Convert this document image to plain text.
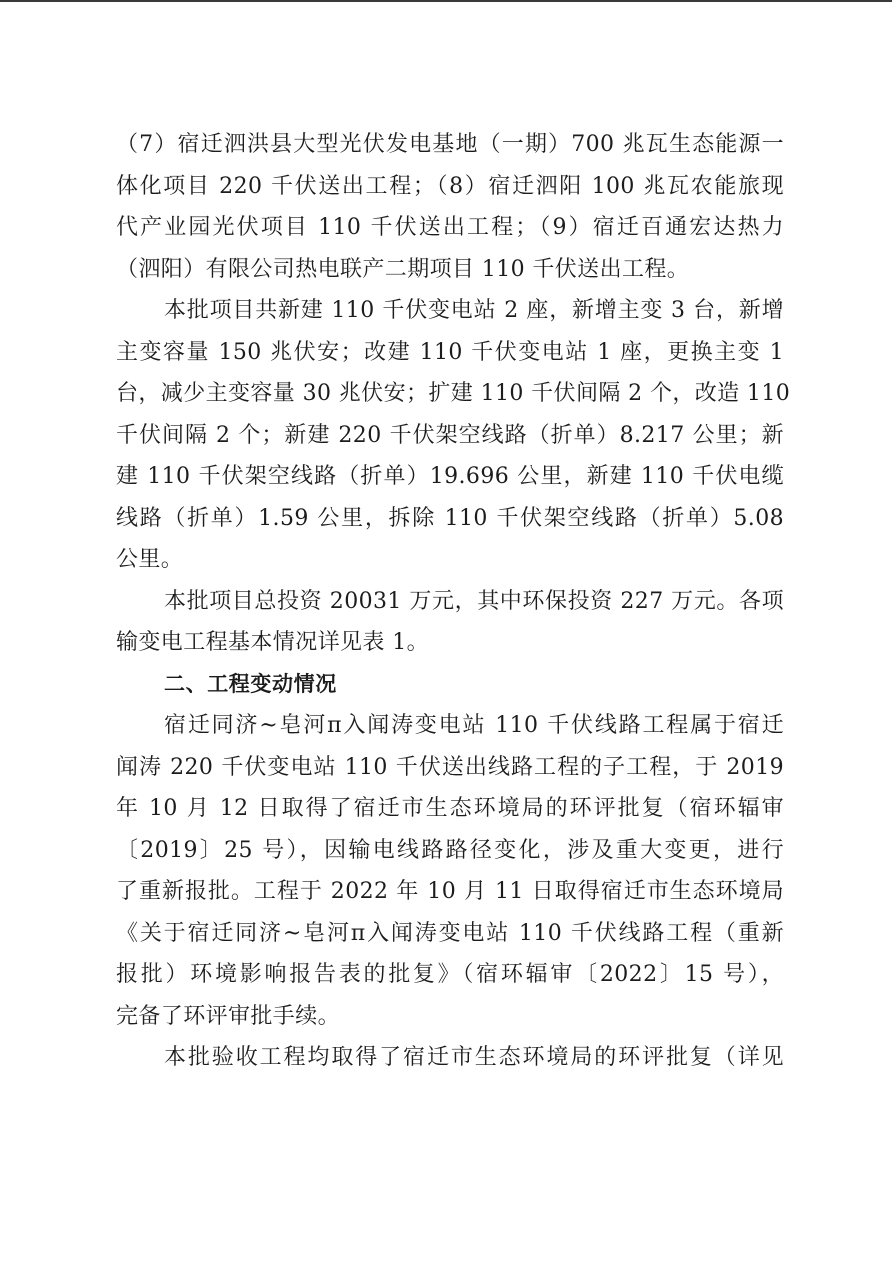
（7）宿迁泗洪县大型光伏发电基地（一期）700 兆瓦生态能源一
体化项目 220 千伏送出工程；（8）宿迁泗阳 100 兆瓦农能旅现
代产业园光伏项目 110 千伏送出工程；（9）宿迁百通宏达热力
（泗阳）有限公司热电联产二期项目 110 千伏送出工程。
本批项目共新建 110 千伏变电站 2 座，新增主变 3 台，新增
主变容量 150 兆伏安；改建 110 千伏变电站 1 座，更换主变 1
台，减少主变容量 30 兆伏安；扩建 110 千伏间隔 2 个，改造 110
千伏间隔 2 个；新建 220 千伏架空线路（折单）8.217 公里；新
建 110 千伏架空线路（折单）19.696 公里，新建 110 千伏电缆
线路（折单）1.59 公里，拆除 110 千伏架空线路（折单）5.08
公里。
本批项目总投资 20031 万元，其中环保投资 227 万元。各项
输变电工程基本情况详见表 1。
二、工程变动情况
宿迁同济~皂河π入闻涛变电站 110 千伏线路工程属于宿迁
闻涛 220 千伏变电站 110 千伏送出线路工程的子工程，于 2019
年 10 月 12 日取得了宿迁市生态环境局的环评批复（宿环辐审
〔2019〕25 号），因输电线路路径变化，涉及重大变更，进行
了重新报批。工程于 2022 年 10 月 11 日取得宿迁市生态环境局
《关于宿迁同济~皂河π入闻涛变电站 110 千伏线路工程（重新
报批）环境影响报告表的批复》（宿环辐审〔2022〕15 号），
完备了环评审批手续。
本批验收工程均取得了宿迁市生态环境局的环评批复（详见
